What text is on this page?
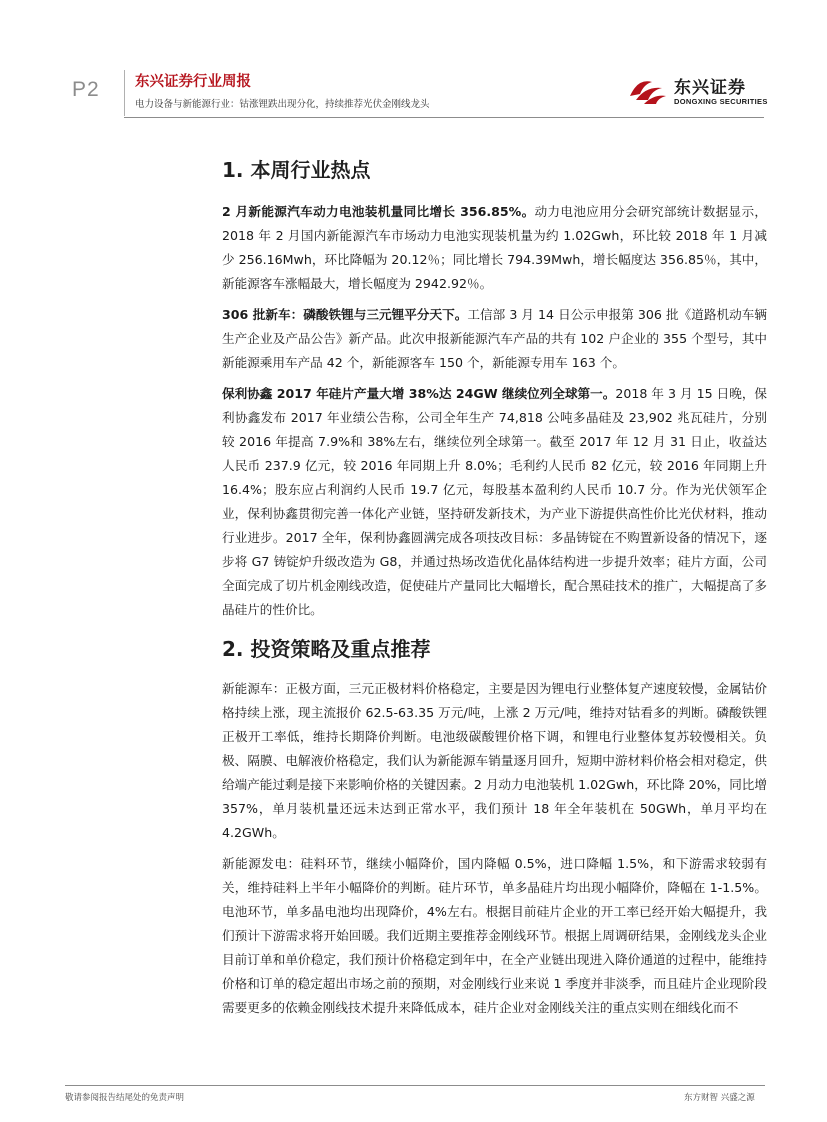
P2 东兴证券行业周报
电力设备与新能源行业：钴涨锂跌出现分化，持续推荐光伏金刚线龙头
东兴证券
DONGXING SECURITIES
1. 本周行业热点

2 月新能源汽车动力电池装机量同比增长 356.85%。动力电池应用分会研究部统计数据显示，2018 年 2 月国内新能源汽车市场动力电池实现装机量为约 1.02Gwh，环比较 2018 年 1 月减少 256.16Mwh，环比降幅为 20.12％；同比增长 794.39Mwh，增长幅度达 356.85％，其中，新能源客车涨幅最大，增长幅度为 2942.92％。

306 批新车：磷酸铁锂与三元锂平分天下。工信部 3 月 14 日公示申报第 306 批《道路机动车辆生产企业及产品公告》新产品。此次申报新能源汽车产品的共有 102 户企业的 355 个型号，其中新能源乘用车产品 42 个，新能源客车 150 个，新能源专用车 163 个。

保利协鑫 2017 年硅片产量大增 38%达 24GW 继续位列全球第一。2018 年 3 月 15 日晚，保利协鑫发布 2017 年业绩公告称，公司全年生产 74,818 公吨多晶硅及 23,902 兆瓦硅片，分别较 2016 年提高 7.9%和 38%左右，继续位列全球第一。截至 2017 年 12 月 31 日止，收益达人民币 237.9 亿元，较 2016 年同期上升 8.0%；毛利约人民币 82 亿元，较 2016 年同期上升 16.4%；股东应占利润约人民币 19.7 亿元，每股基本盈利约人民币 10.7 分。作为光伏领军企业，保利协鑫贯彻完善一体化产业链，坚持研发新技术，为产业下游提供高性价比光伏材料，推动行业进步。2017 全年，保利协鑫圆满完成各项技改目标：多晶铸锭在不购置新设备的情况下，逐步将 G7 铸锭炉升级改造为 G8，并通过热场改造优化晶体结构进一步提升效率；硅片方面，公司全面完成了切片机金刚线改造，促使硅片产量同比大幅增长，配合黑硅技术的推广，大幅提高了多晶硅片的性价比。

2. 投资策略及重点推荐

新能源车：正极方面，三元正极材料价格稳定，主要是因为锂电行业整体复产速度较慢，金属钴价格持续上涨，现主流报价 62.5-63.35 万元/吨，上涨 2 万元/吨，维持对钴看多的判断。磷酸铁锂正极开工率低，维持长期降价判断。电池级碳酸锂价格下调，和锂电行业整体复苏较慢相关。负极、隔膜、电解液价格稳定，我们认为新能源车销量逐月回升，短期中游材料价格会相对稳定，供给端产能过剩是接下来影响价格的关键因素。2 月动力电池装机 1.02Gwh，环比降 20%，同比增 357%，单月装机量还远未达到正常水平，我们预计 18 年全年装机在 50GWh，单月平均在 4.2GWh。

新能源发电：硅料环节，继续小幅降价，国内降幅 0.5%，进口降幅 1.5%，和下游需求较弱有关，维持硅料上半年小幅降价的判断。硅片环节，单多晶硅片均出现小幅降价，降幅在 1-1.5%。电池环节，单多晶电池均出现降价，4%左右。根据目前硅片企业的开工率已经开始大幅提升，我们预计下游需求将开始回暖。我们近期主要推荐金刚线环节。根据上周调研结果，金刚线龙头企业目前订单和单价稳定，我们预计价格稳定到年中，在全产业链出现进入降价通道的过程中，能维持价格和订单的稳定超出市场之前的预期，对金刚线行业来说 1 季度并非淡季，而且硅片企业现阶段需要更多的依赖金刚线技术提升来降低成本，硅片企业对金刚线关注的重点实则在细线化而不

敬请参阅报告结尾处的免责声明	东方财智 兴盛之源
